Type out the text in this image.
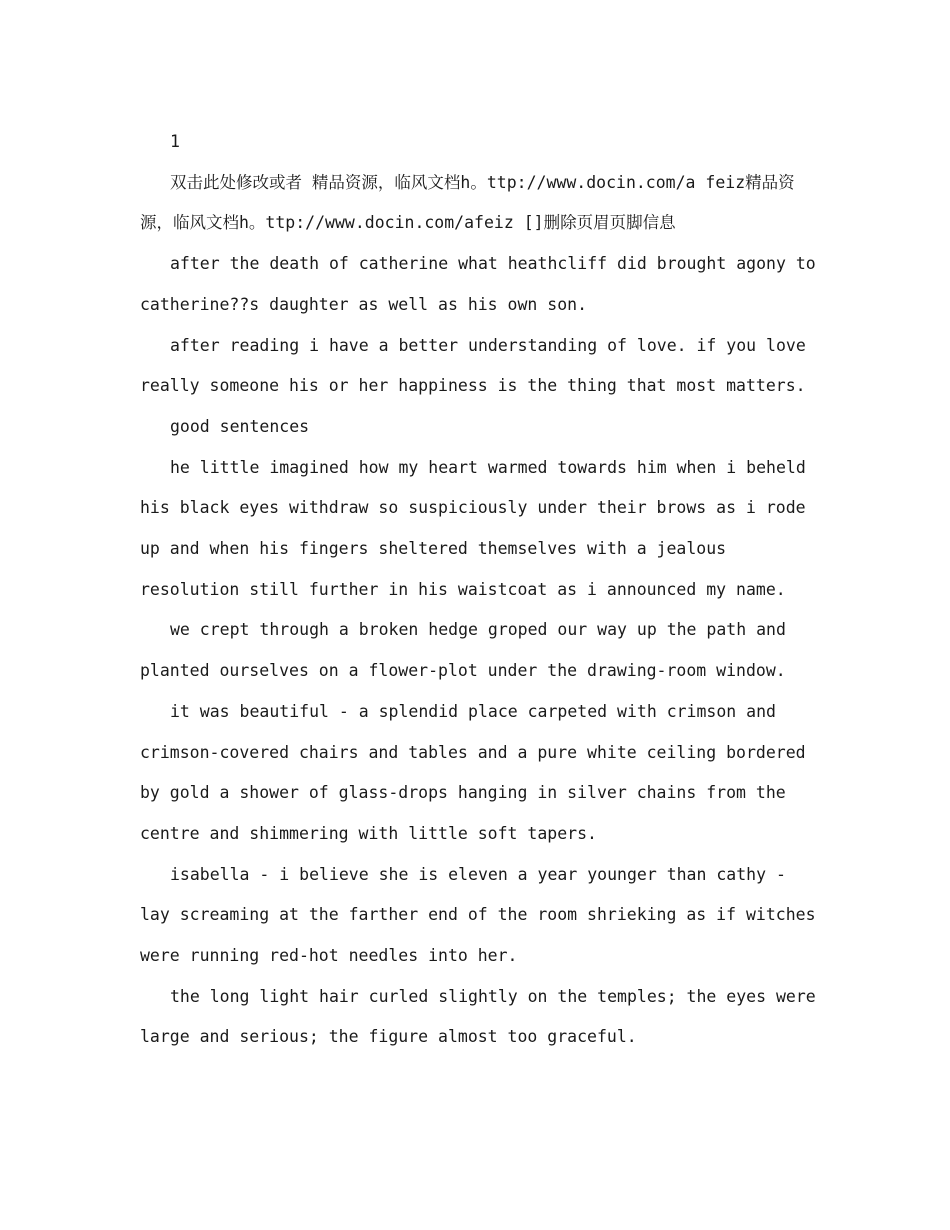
1

双击此处修改或者 精品资源，临风文档h。ttp://www.docin.com/a feiz精品资源，临风文档h。ttp://www.docin.com/afeiz []删除页眉页脚信息

after the death of catherine what heathcliff did brought agony to catherine??s daughter as well as his own son.

after reading i have a better understanding of love. if you love really someone his or her happiness is the thing that most matters.

good sentences

he little imagined how my heart warmed towards him when i beheld his black eyes withdraw so suspiciously under their brows as i rode up and when his fingers sheltered themselves with a jealous resolution still further in his waistcoat as i announced my name.

we crept through a broken hedge groped our way up the path and planted ourselves on a flower-plot under the drawing-room window.

it was beautiful - a splendid place carpeted with crimson and crimson-covered chairs and tables and a pure white ceiling bordered by gold a shower of glass-drops hanging in silver chains from the centre and shimmering with little soft tapers.

isabella - i believe she is eleven a year younger than cathy - lay screaming at the farther end of the room shrieking as if witches were running red-hot needles into her.

the long light hair curled slightly on the temples; the eyes were large and serious; the figure almost too graceful.
